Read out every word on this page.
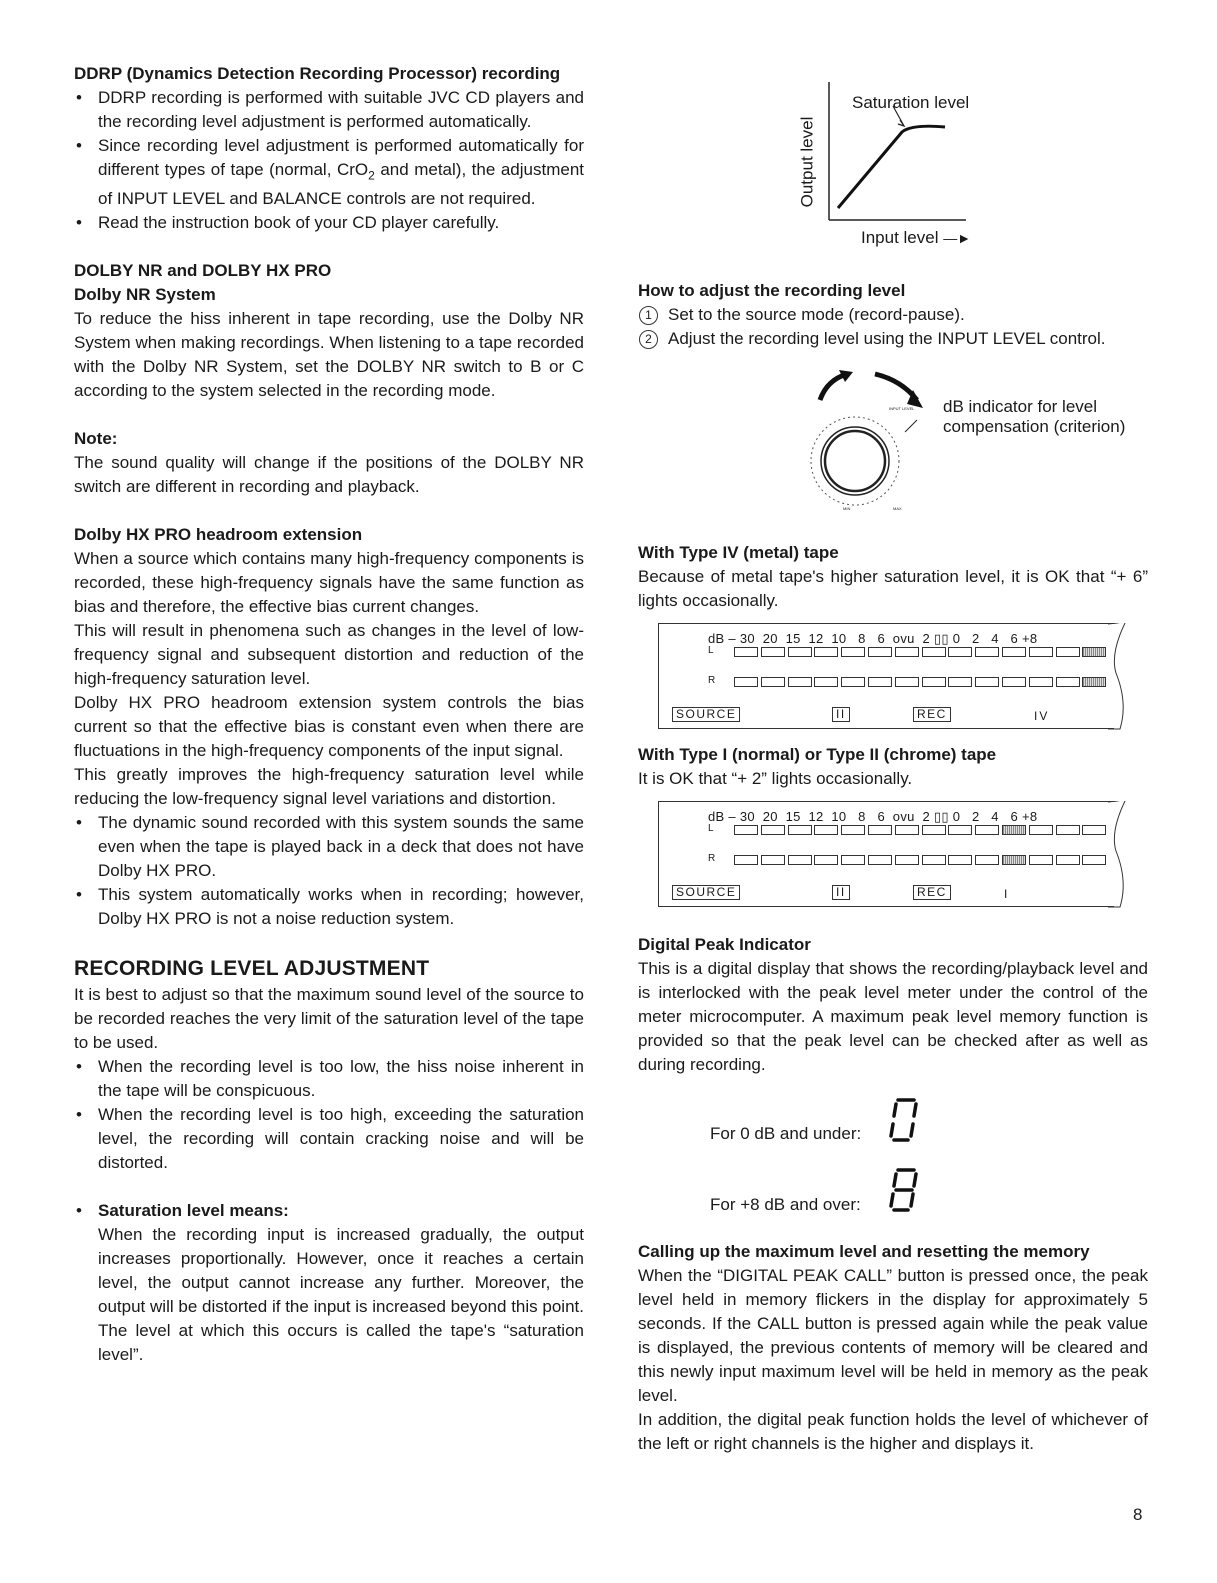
DDRP (Dynamics Detection Recording Processor) recording
• DDRP recording is performed with suitable JVC CD players and the recording level adjustment is performed automatically.
• Since recording level adjustment is performed automatically for different types of tape (normal, CrO$_2$ and metal), the adjustment of INPUT LEVEL and BALANCE controls are not required.
• Read the instruction book of your CD player carefully.
DOLBY NR and DOLBY HX PRO
Dolby NR System

To reduce the hiss inherent in tape recording, use the Dolby NR System when making recordings. When listening to a tape recorded with the Dolby NR System, set the DOLBY NR switch to B or C according to the system selected in the recording mode.

Note:

The sound quality will change if the positions of the DOLBY NR switch are different in recording and playback.

Dolby HX PRO headroom extension

When a source which contains many high-frequency components is recorded, these high-frequency signals have the same function as bias and therefore, the effective bias current changes.

This will result in phenomena such as changes in the level of low-frequency signal and subsequent distortion and reduction of the high-frequency saturation level.

Dolby HX PRO headroom extension system controls the bias current so that the effective bias is constant even when there are fluctuations in the high-frequency components of the input signal.

This greatly improves the high-frequency saturation level while reducing the low-frequency signal level variations and distortion.

• The dynamic sound recorded with this system sounds the same even when the tape is played back in a deck that does not have Dolby HX PRO.
• This system automatically works when in recording; however, Dolby HX PRO is not a noise reduction system.
RECORDING LEVEL ADJUSTMENT

It is best to adjust so that the maximum sound level of the source to be recorded reaches the very limit of the saturation level of the tape to be used.

• When the recording level is too low, the hiss noise inherent in the tape will be conspicuous.
• When the recording level is too high, exceeding the saturation level, the recording will contain cracking noise and will be distorted.
• Saturation level means:
When the recording input is increased gradually, the output increases proportionally. However, once it reaches a certain level, the output cannot increase any further. Moreover, the output will be distorted if the input is increased beyond this point. The level at which this occurs is called the tape's “saturation level”.
Saturation level
Output level
Input level —►
How to adjust the recording level
1 Set to the source mode (record-pause).
2 Adjust the recording level using the INPUT LEVEL control.
INPUT LEVEL
MIN	MAX
dB indicator for level compensation (criterion)
With Type IV (metal) tape

Because of metal tape's higher saturation level, it is OK that “+ 6” lights occasionally.

dB – 30  20  15  12  10   8   6  ovu  2 ▯▯ 0   2   4   6 +8
L
R
SOURCE	II	REC	IV
With Type I (normal) or Type II (chrome) tape

It is OK that “+ 2” lights occasionally.

dB – 30  20  15  12  10   8   6  ovu  2 ▯▯ 0   2   4   6 +8
L
R
SOURCE	II	REC	I
Digital Peak Indicator

This is a digital display that shows the recording/playback level and is interlocked with the peak level meter under the control of the meter microcomputer. A maximum peak level memory function is provided so that the peak level can be checked after as well as during recording.

For 0 dB and under:
For +8 dB and over:
Calling up the maximum level and resetting the memory

When the “DIGITAL PEAK CALL” button is pressed once, the peak level held in memory flickers in the display for approximately 5 seconds. If the CALL button is pressed again while the peak value is displayed, the previous contents of memory will be cleared and this newly input maximum level will be held in memory as the peak level.

In addition, the digital peak function holds the level of whichever of the left or right channels is the higher and displays it.

8
